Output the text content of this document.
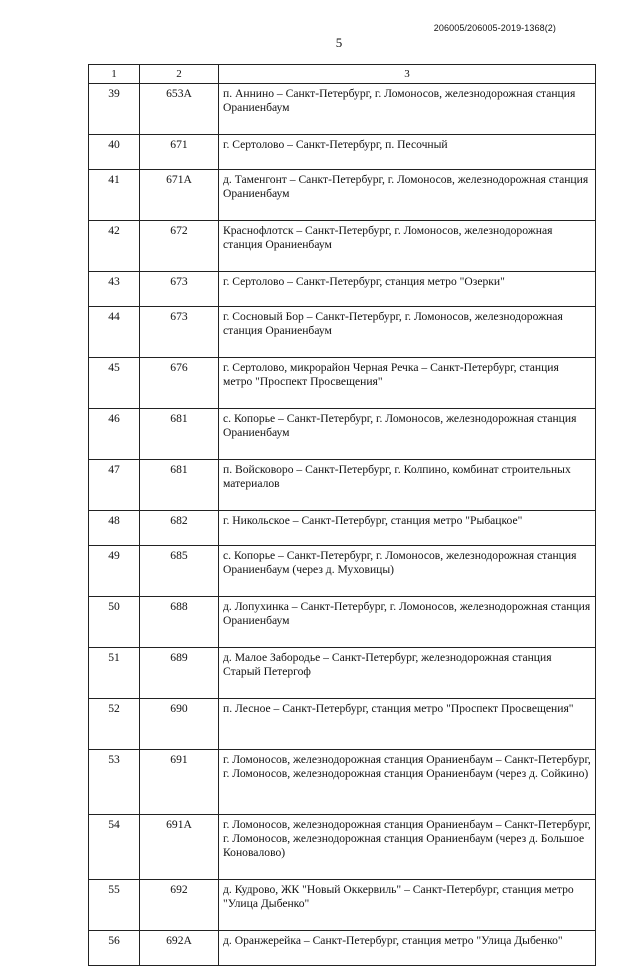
206005/206005-2019-1368(2)
5
1	2	3
39	653А	п. Аннино – Санкт-Петербург, г. Ломоносов, железнодорожная станция Ораниенбаум
40	671	г. Сертолово – Санкт-Петербург, п. Песочный
41	671А	д. Таменгонт – Санкт-Петербург, г. Ломоносов, железнодорожная станция Ораниенбаум
42	672	Краснофлотск – Санкт-Петербург, г. Ломоносов, железнодорожная станция Ораниенбаум
43	673	г. Сертолово – Санкт-Петербург, станция метро "Озерки"
44	673	г. Сосновый Бор – Санкт-Петербург, г. Ломоносов, железнодорожная станция Ораниенбаум
45	676	г. Сертолово, микрорайон Черная Речка – Санкт-Петербург, станция метро "Проспект Просвещения"
46	681	с. Копорье – Санкт-Петербург, г. Ломоносов, железнодорожная станция Ораниенбаум
47	681	п. Войсковоро – Санкт-Петербург, г. Колпино, комбинат строительных материалов
48	682	г. Никольское – Санкт-Петербург, станция метро "Рыбацкое"
49	685	с. Копорье – Санкт-Петербург, г. Ломоносов, железнодорожная станция Ораниенбаум (через д. Муховицы)
50	688	д. Лопухинка – Санкт-Петербург, г. Ломоносов, железнодорожная станция Ораниенбаум
51	689	д. Малое Забородье – Санкт-Петербург, железнодорожная станция Старый Петергоф
52	690	п. Лесное – Санкт-Петербург, станция метро "Проспект Просвещения"
53	691	г. Ломоносов, железнодорожная станция Ораниенбаум – Санкт-Петербург, г. Ломоносов, железнодорожная станция Ораниенбаум (через д. Сойкино)
54	691А	г. Ломоносов, железнодорожная станция Ораниенбаум – Санкт-Петербург, г. Ломоносов, железнодорожная станция Ораниенбаум (через д. Большое Коновалово)
55	692	д. Кудрово, ЖК "Новый Оккервиль" – Санкт-Петербург, станция метро "Улица Дыбенко"
56	692А	д. Оранжерейка – Санкт-Петербург, станция метро "Улица Дыбенко"
